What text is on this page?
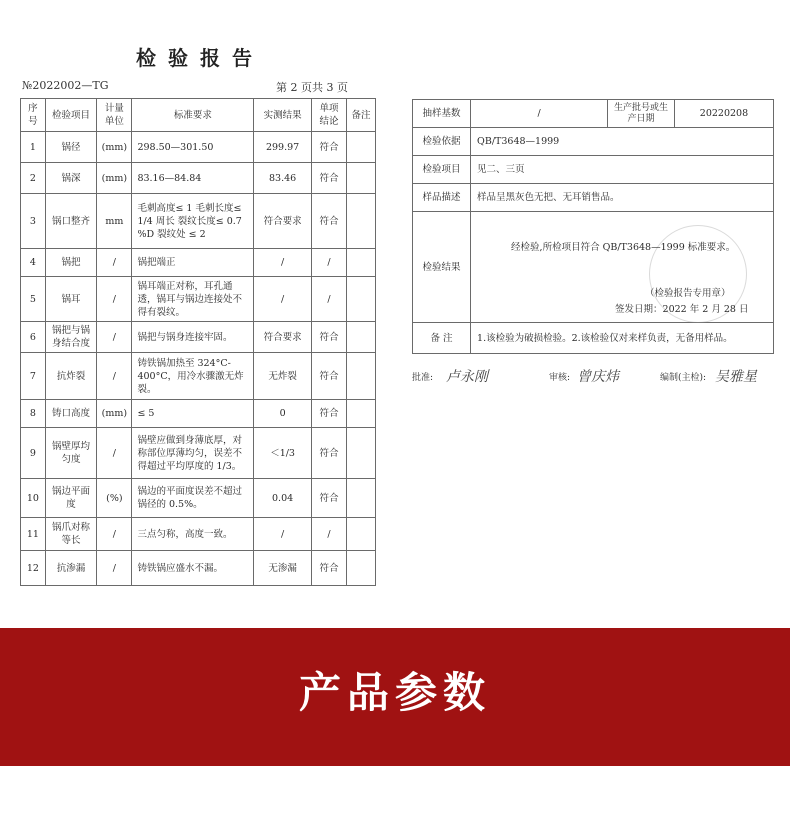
检验报告
№2022002—TG	第 2 页共 3 页
序号	检验项目	计量单位	标准要求	实测结果	单项结论	备注
1	锅径	(mm)	298.50—301.50	299.97	符合	
2	锅深	(mm)	83.16—84.84	83.46	符合	
3	锅口整齐	mm	毛刺高度≤ 1 毛刺长度≤ 1/4 周长 裂纹长度≤ 0.7 %D 裂纹处 ≤ 2	符合要求	符合	
4	锅把	/	锅把端正	/	/	
5	锅耳	/	锅耳端正对称，耳孔通透，锅耳与锅边连接处不得有裂纹。	/	/	
6	锅把与锅身结合度	/	锅把与锅身连接牢固。	符合要求	符合	
7	抗炸裂	/	铸铁锅加热至 324°C-400°C，用冷水骤激无炸裂。	无炸裂	符合	
8	铸口高度	(mm)	≤ 5	0	符合	
9	锅壁厚均匀度	/	锅壁应做到身薄底厚，对称部位厚薄均匀，误差不得超过平均厚度的 1/3。	＜1/3	符合	
10	锅边平面度	(%)	锅边的平面度误差不超过锅径的 0.5%。	0.04	符合	
11	锅爪对称等长	/	三点匀称，高度一致。	/	/	
12	抗渗漏	/	铸铁锅应盛水不漏。	无渗漏	符合	
抽样基数	/	生产批号或生产日期	20220208
检验依据	QB/T3648—1999		
检验项目	见二、三页		
样品描述	样品呈黑灰色无把、无耳销售品。		
检验结果	经检验,所检项目符合 QB/T3648—1999 标准要求。
（检验报告专用章）
签发日期：2022 年 2 月 28 日		

备 注	1.该检验为破损检验。2.该检验仅对来样负责，无备用样品。		
批准: 卢永刚	审核: 曾庆炜	编制(主检): 吴雅星
产品参数
